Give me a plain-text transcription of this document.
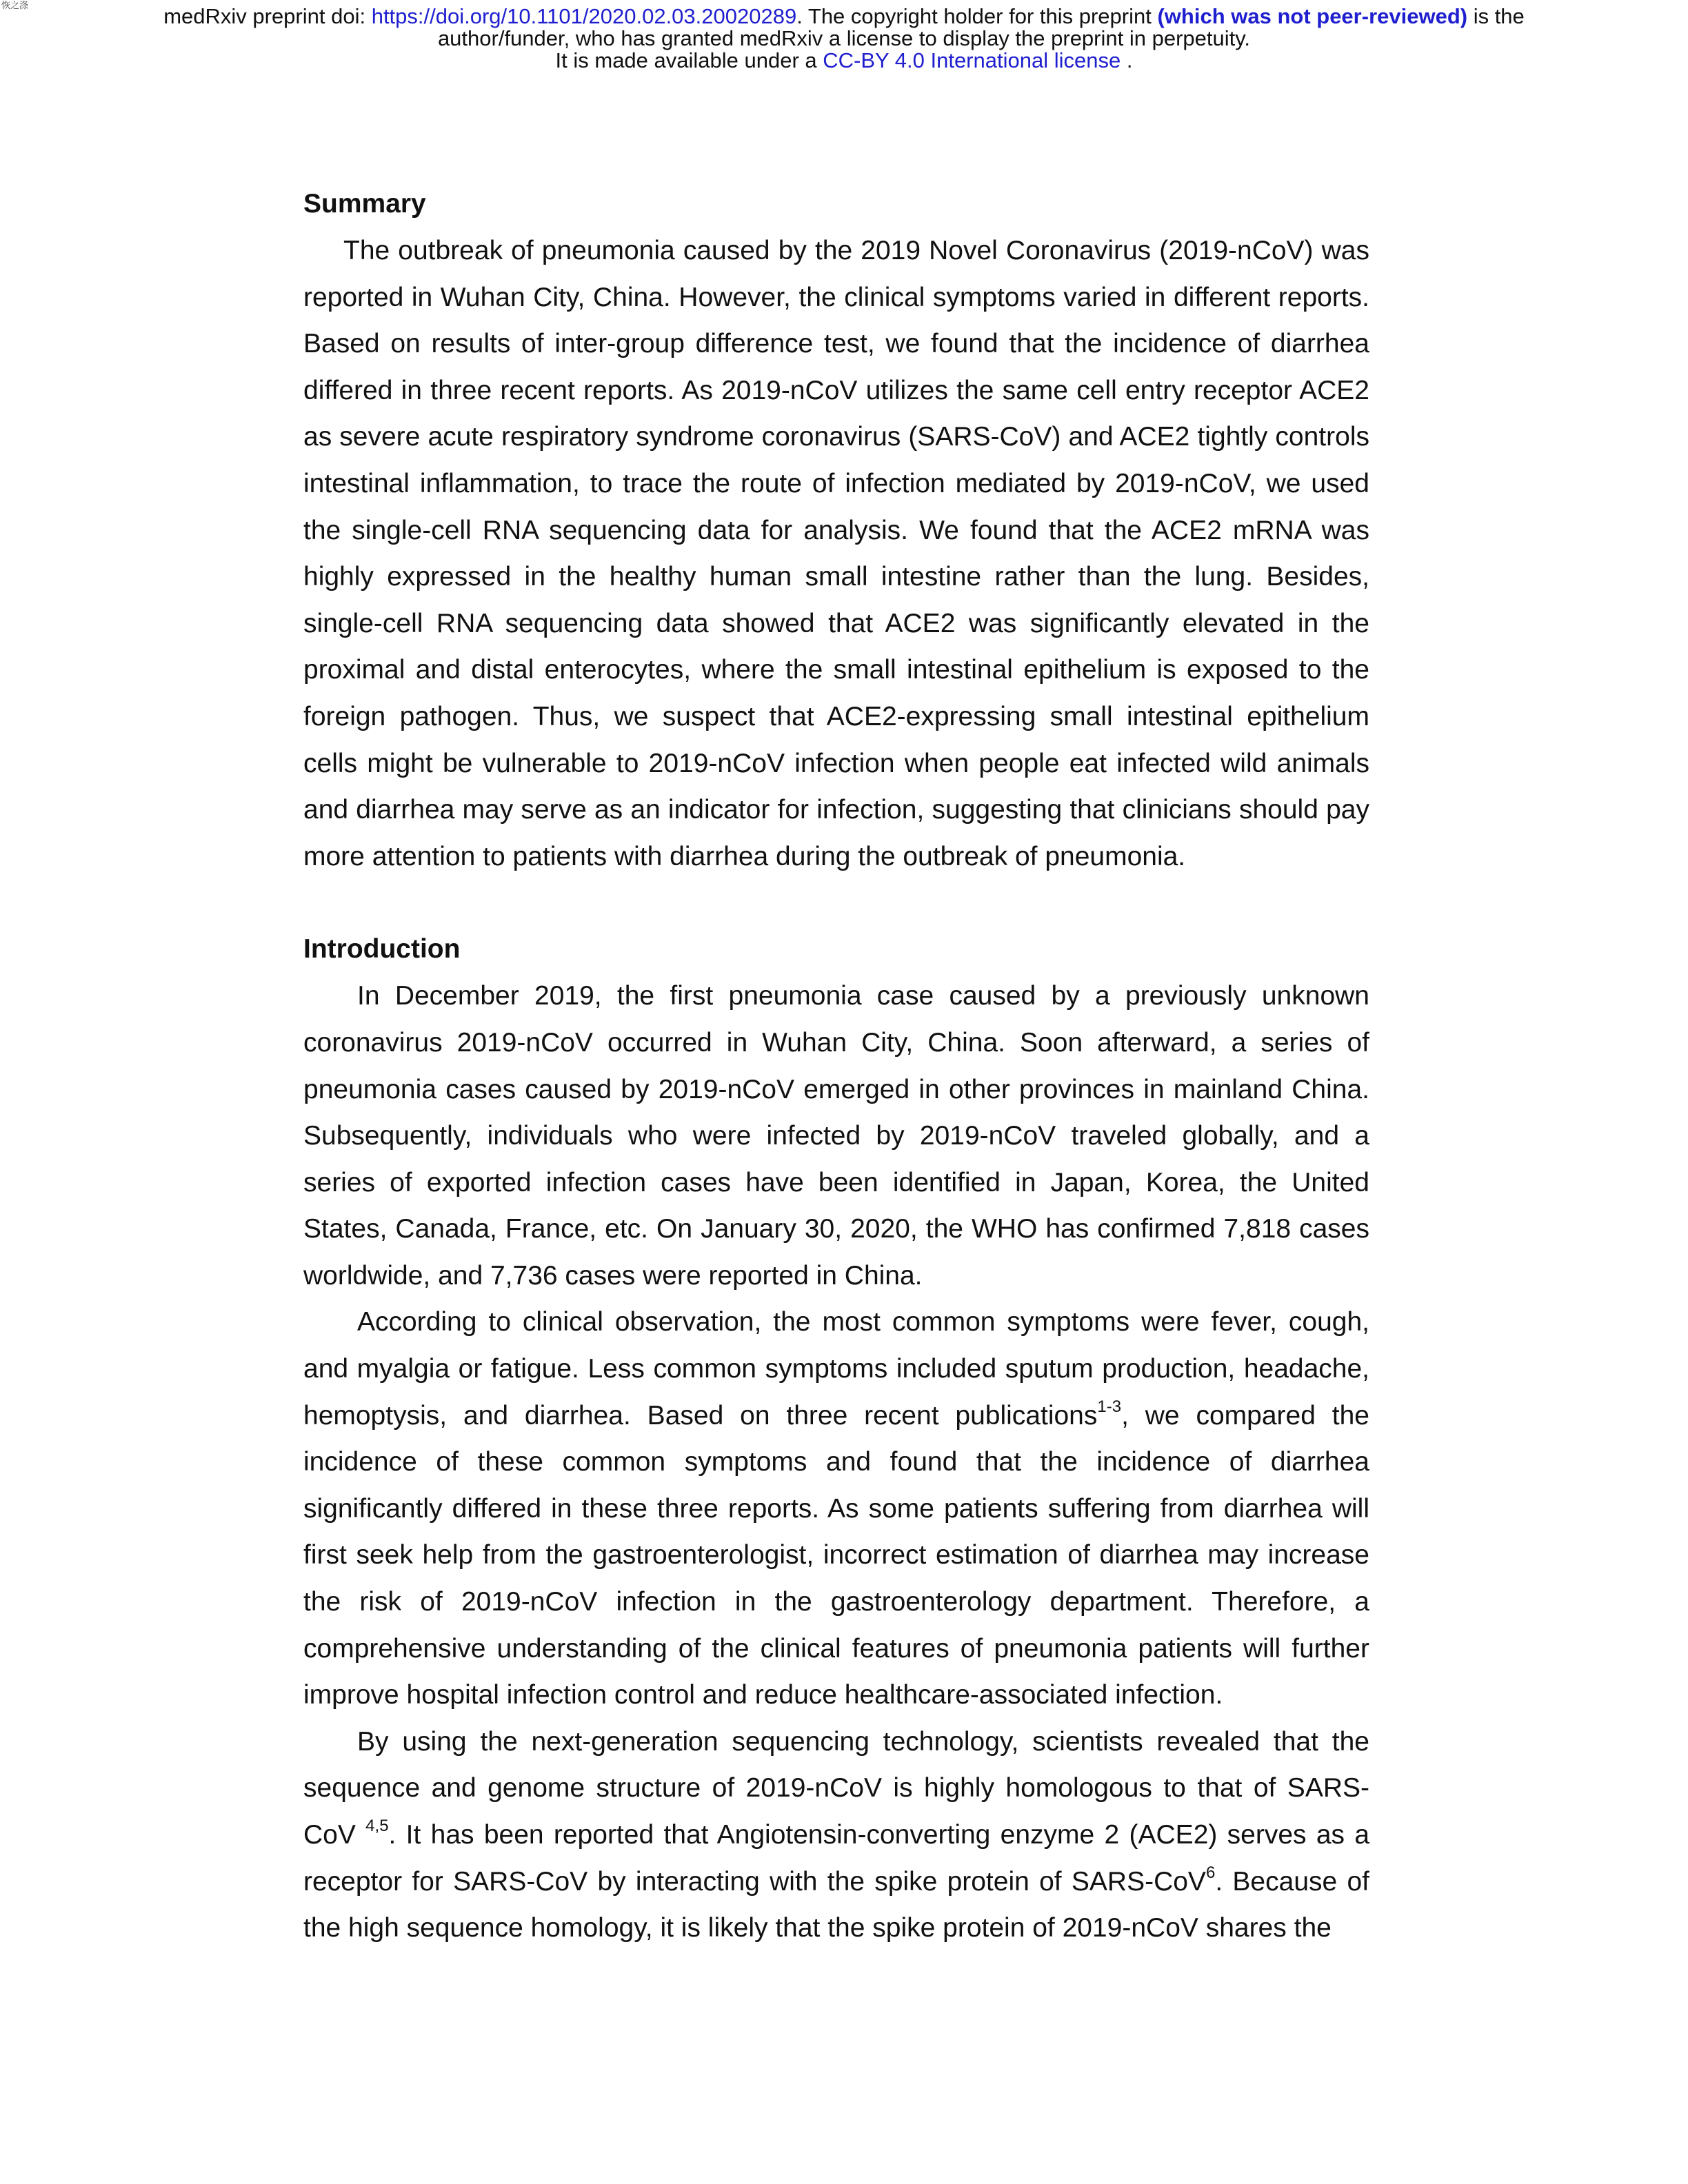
恢之涤	medRxiv preprint doi: https://doi.org/10.1101/2020.02.03.20020289. The copyright holder for this preprint (which was not peer-reviewed) is the
author/funder, who has granted medRxiv a license to display the preprint in perpetuity.
It is made available under a CC-BY 4.0 International license .
Summary

The outbreak of pneumonia caused by the 2019 Novel Coronavirus (2019-nCoV) was reported in Wuhan City, China. However, the clinical symptoms varied in different reports. Based on results of inter-group difference test, we found that the incidence of diarrhea differed in three recent reports. As 2019-nCoV utilizes the same cell entry receptor ACE2 as severe acute respiratory syndrome coronavirus (SARS-CoV) and ACE2 tightly controls intestinal inflammation, to trace the route of infection mediated by 2019-nCoV, we used the single-cell RNA sequencing data for analysis. We found that the ACE2 mRNA was highly expressed in the healthy human small intestine rather than the lung. Besides, single-cell RNA sequencing data showed that ACE2 was significantly elevated in the proximal and distal enterocytes, where the small intestinal epithelium is exposed to the foreign pathogen. Thus, we suspect that ACE2-expressing small intestinal epithelium cells might be vulnerable to 2019-nCoV infection when people eat infected wild animals and diarrhea may serve as an indicator for infection, suggesting that clinicians should pay more attention to patients with diarrhea during the outbreak of pneumonia.

Introduction

In December 2019, the first pneumonia case caused by a previously unknown coronavirus 2019-nCoV occurred in Wuhan City, China. Soon afterward, a series of pneumonia cases caused by 2019-nCoV emerged in other provinces in mainland China. Subsequently, individuals who were infected by 2019-nCoV traveled globally, and a series of exported infection cases have been identified in Japan, Korea, the United States, Canada, France, etc. On January 30, 2020, the WHO has confirmed 7,818 cases worldwide, and 7,736 cases were reported in China.

According to clinical observation, the most common symptoms were fever, cough, and myalgia or fatigue. Less common symptoms included sputum production, headache, hemoptysis, and diarrhea. Based on three recent publications$^{1-3}$, we compared the incidence of these common symptoms and found that the incidence of diarrhea significantly differed in these three reports. As some patients suffering from diarrhea will first seek help from the gastroenterologist, incorrect estimation of diarrhea may increase the risk of 2019-nCoV infection in the gastroenterology department. Therefore, a comprehensive understanding of the clinical features of pneumonia patients will further improve hospital infection control and reduce healthcare-associated infection.

By using the next-generation sequencing technology, scientists revealed that the sequence and genome structure of 2019-nCoV is highly homologous to that of SARS-CoV $^{4,5}$. It has been reported that Angiotensin-converting enzyme 2 (ACE2) serves as a receptor for SARS-CoV by interacting with the spike protein of SARS-CoV$^6$. Because of the high sequence homology, it is likely that the spike protein of 2019-nCoV shares the
